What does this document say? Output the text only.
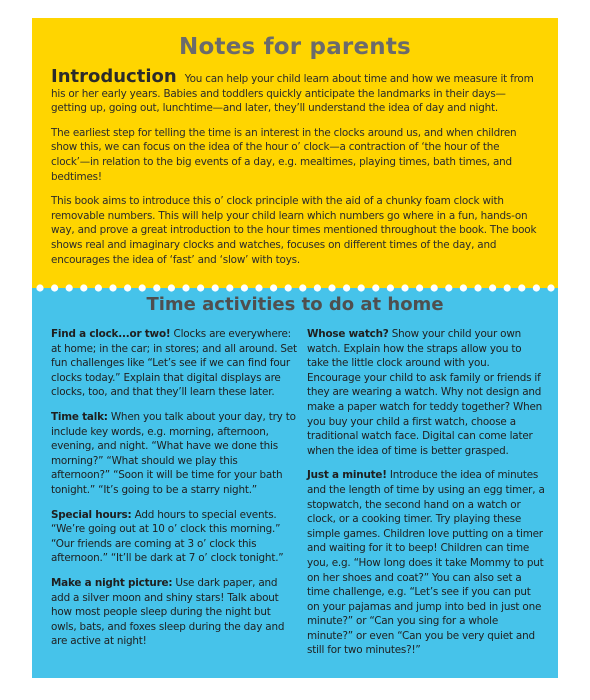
Notes for parents

Introduction You can help your child learn about time and how we measure it from his or her early years. Babies and toddlers quickly anticipate the landmarks in their days—getting up, going out, lunchtime—and later, they’ll understand the idea of day and night.

The earliest step for telling the time is an interest in the clocks around us, and when children show this, we can focus on the idea of the hour o’ clock—a contraction of ‘the hour of the clock’—in relation to the big events of a day, e.g. mealtimes, playing times, bath times, and bedtimes!

This book aims to introduce this o’ clock principle with the aid of a chunky foam clock with removable numbers. This will help your child learn which numbers go where in a fun, hands-on way, and prove a great introduction to the hour times mentioned throughout the book. The book shows real and imaginary clocks and watches, focuses on different times of the day, and encourages the idea of ‘fast’ and ‘slow’ with toys.

Time activities to do at home

Find a clock...or two! Clocks are everywhere: at home; in the car; in stores; and all around. Set fun challenges like “Let’s see if we can find four clocks today.” Explain that digital displays are clocks, too, and that they’ll learn these later.

Time talk: When you talk about your day, try to include key words, e.g. morning, afternoon, evening, and night. “What have we done this morning?” “What should we play this afternoon?” “Soon it will be time for your bath tonight.” “It’s going to be a starry night.”

Special hours: Add hours to special events. “We’re going out at 10 o’ clock this morning.” “Our friends are coming at 3 o’ clock this afternoon.” “It’ll be dark at 7 o’ clock tonight.”

Make a night picture: Use dark paper, and add a silver moon and shiny stars! Talk about how most people sleep during the night but owls, bats, and foxes sleep during the day and are active at night!

Whose watch? Show your child your own watch. Explain how the straps allow you to take the little clock around with you. Encourage your child to ask family or friends if they are wearing a watch. Why not design and make a paper watch for teddy together? When you buy your child a first watch, choose a traditional watch face. Digital can come later when the idea of time is better grasped.

Just a minute! Introduce the idea of minutes and the length of time by using an egg timer, a stopwatch, the second hand on a watch or clock, or a cooking timer. Try playing these simple games. Children love putting on a timer and waiting for it to beep! Children can time you, e.g. “How long does it take Mommy to put on her shoes and coat?” You can also set a time challenge, e.g. “Let’s see if you can put on your pajamas and jump into bed in just one minute?” or “Can you sing for a whole minute?” or even “Can you be very quiet and still for two minutes?!”
